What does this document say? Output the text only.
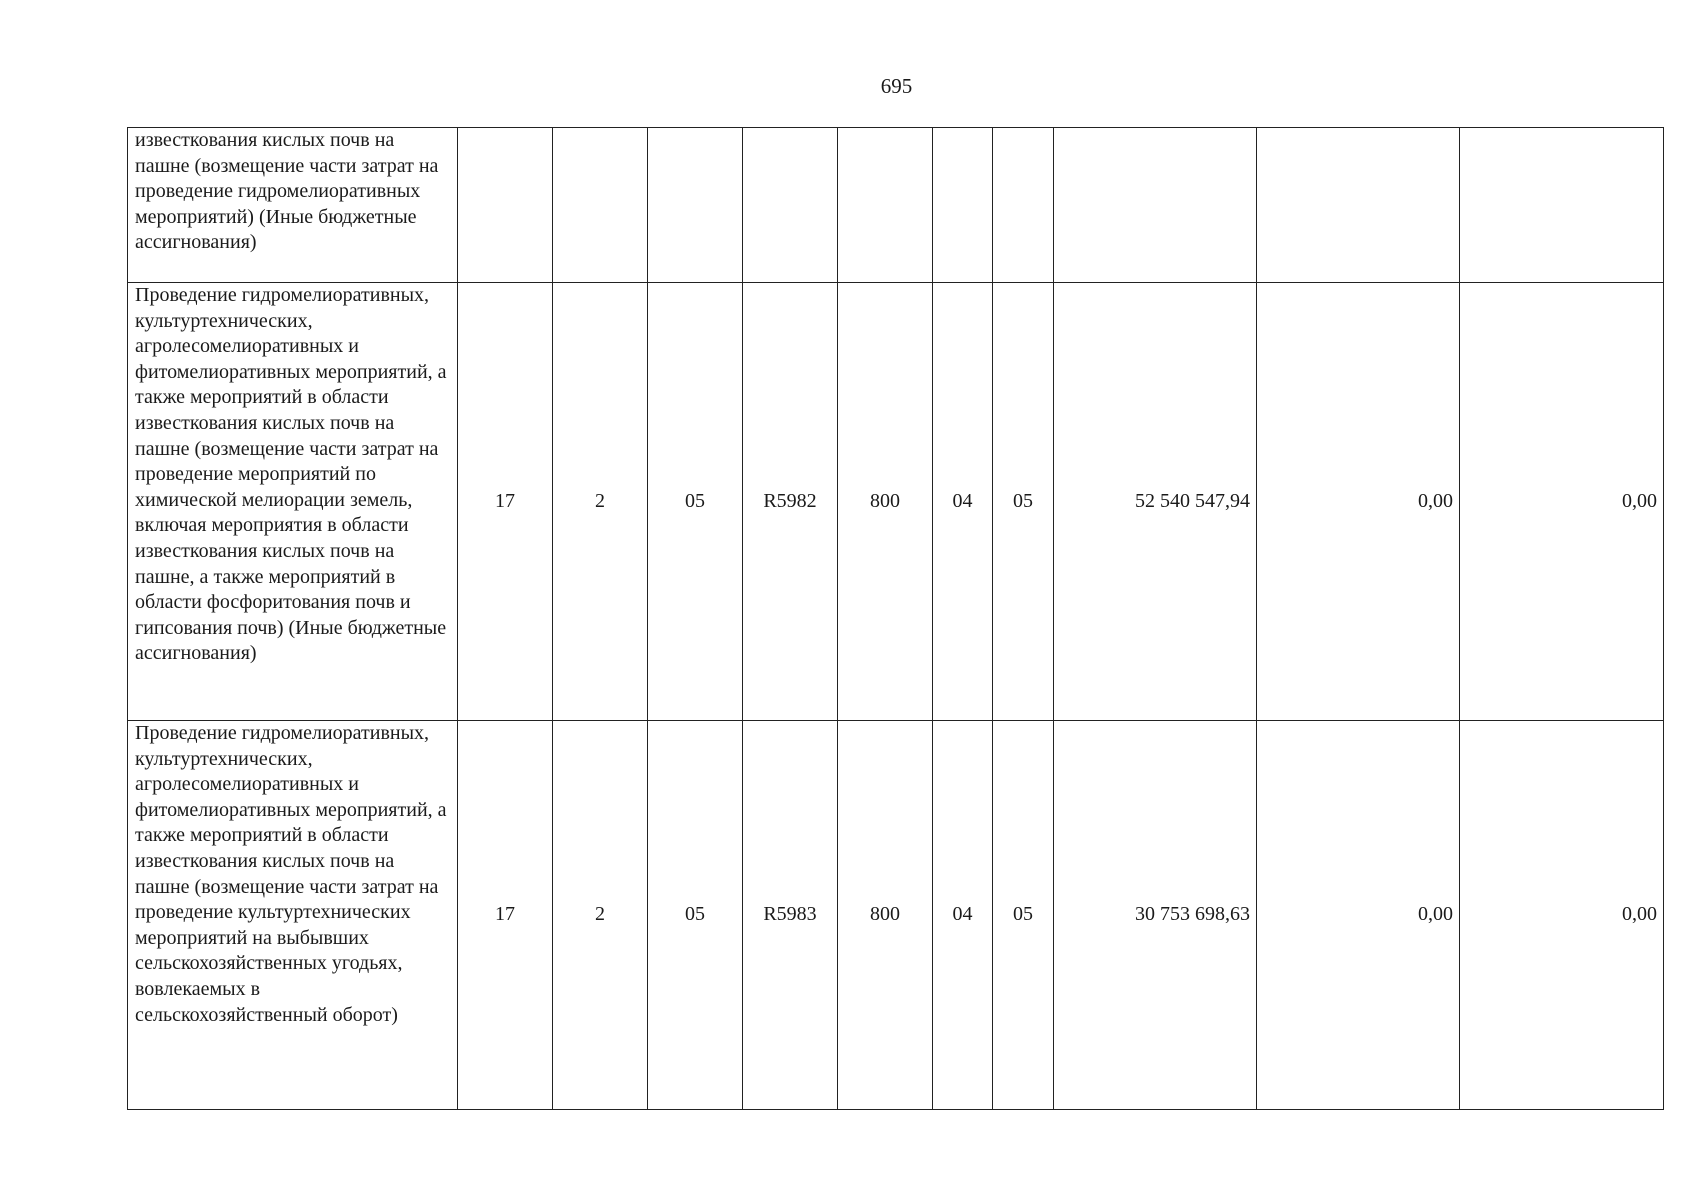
695
известкования кислых почв на пашне (возмещение части затрат на проведение гидромелиоративных мероприятий) (Иные бюджетные ассигнования)										
Проведение гидромелиоративных, культуртехнических, агролесомелиоративных и фитомелиоративных мероприятий, а также мероприятий в области известкования кислых почв на пашне (возмещение части затрат на проведение мероприятий по химической мелиорации земель, включая мероприятия в области известкования кислых почв на пашне, а также мероприятий в области фосфоритования почв и гипсования почв) (Иные бюджетные ассигнования)	17	2	05	R5982	800	04	05	52 540 547,94	0,00	0,00
Проведение гидромелиоративных, культуртехнических, агролесомелиоративных и фитомелиоративных мероприятий, а также мероприятий в области известкования кислых почв на пашне (возмещение части затрат на проведение культуртехнических мероприятий на выбывших сельскохозяйственных угодьях, вовлекаемых в сельскохозяйственный оборот)	17	2	05	R5983	800	04	05	30 753 698,63	0,00	0,00
